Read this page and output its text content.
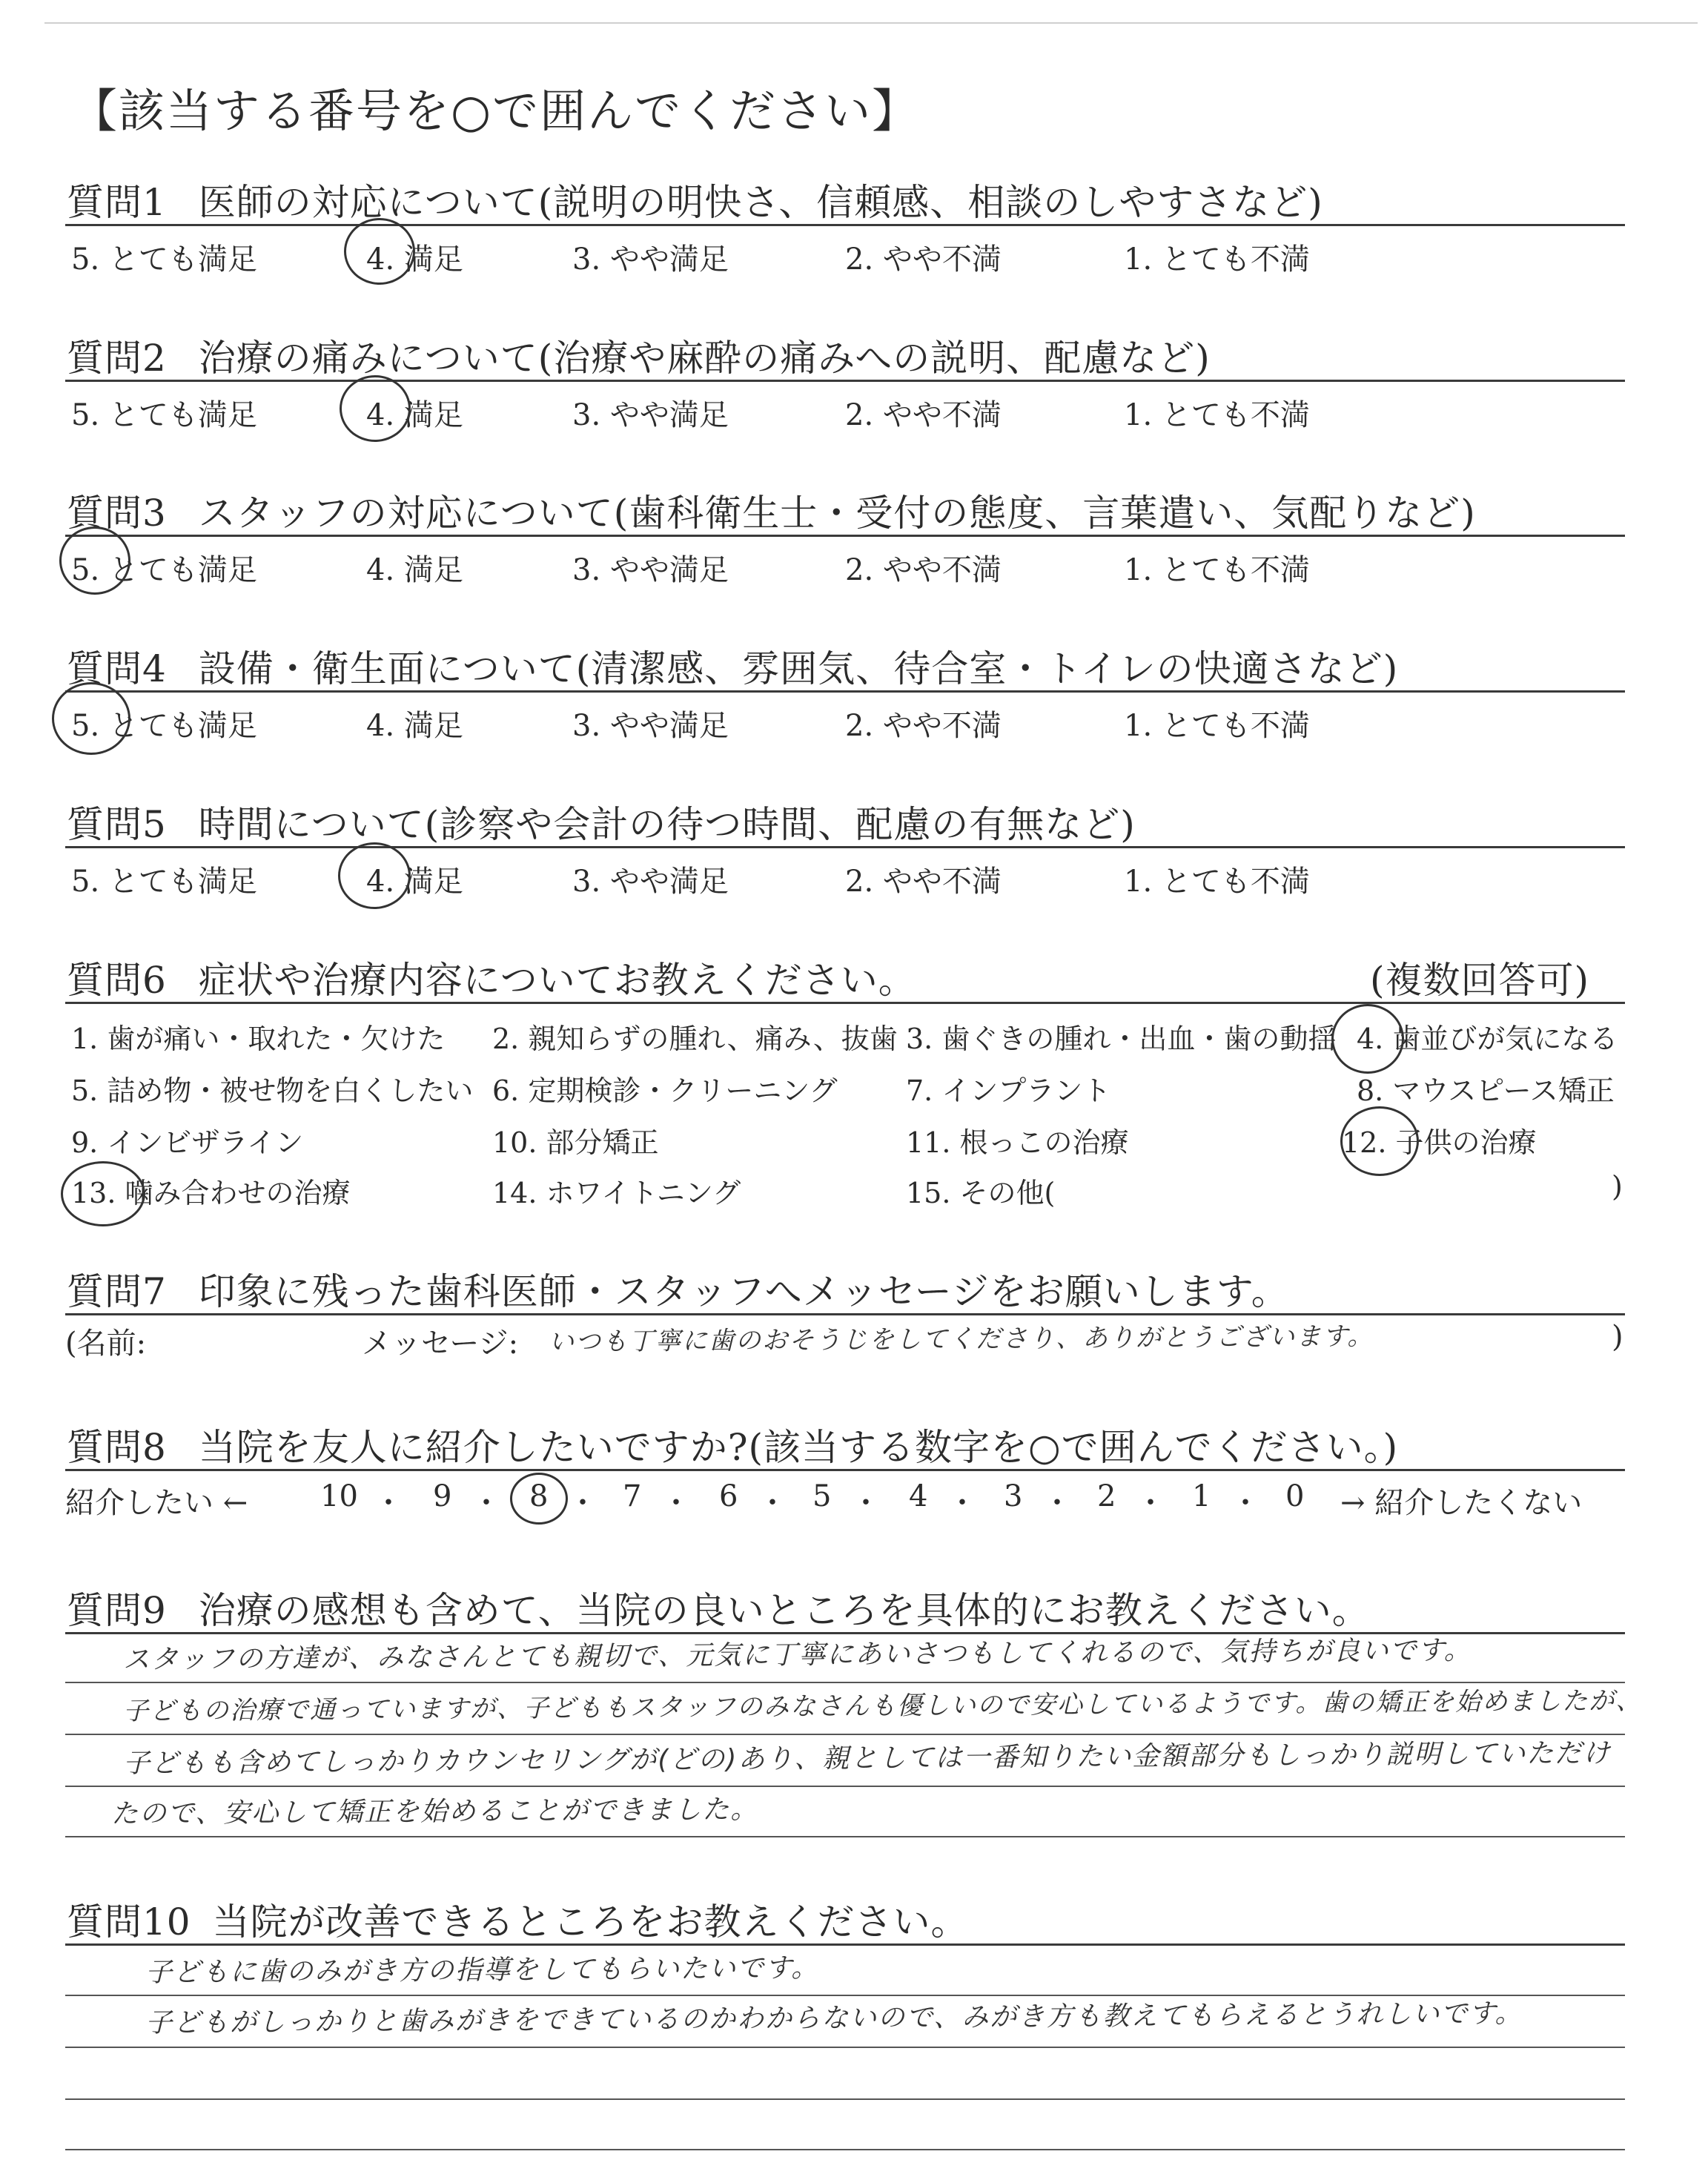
【該当する番号を○で囲んでください】
質問1 医師の対応について(説明の明快さ、信頼感、相談のしやすさなど)
5. とても満足	4. 満足	3. やや満足	2. やや不満	1. とても不満
質問2 治療の痛みについて(治療や麻酔の痛みへの説明、配慮など)
5. とても満足	4. 満足	3. やや満足	2. やや不満	1. とても不満
質問3 スタッフの対応について(歯科衛生士・受付の態度、言葉遣い、気配りなど)
5. とても満足	4. 満足	3. やや満足	2. やや不満	1. とても不満
質問4 設備・衛生面について(清潔感、雰囲気、待合室・トイレの快適さなど)
5. とても満足	4. 満足	3. やや満足	2. やや不満	1. とても不満
質問5 時間について(診察や会計の待つ時間、配慮の有無など)
5. とても満足	4. 満足	3. やや満足	2. やや不満	1. とても不満
質問6 症状や治療内容についてお教えください。	(複数回答可)
1. 歯が痛い・取れた・欠けた 2. 親知らずの腫れ、痛み、抜歯 3. 歯ぐきの腫れ・出血・歯の動揺 4. 歯並びが気になる
5. 詰め物・被せ物を白くしたい 6. 定期検診・クリーニング 7. インプラント	8. マウスピース矯正
9. インビザライン	10. 部分矯正	11. 根っこの治療	12. 子供の治療
13. 噛み合わせの治療	14. ホワイトニング	15. その他(	)
質問7 印象に残った歯科医師・スタッフへメッセージをお願いします。
(名前:	メッセージ: いつも丁寧に歯のおそうじをしてくださり、ありがとうございます。	)
質問8 当院を友人に紹介したいですか?(該当する数字を○で囲んでください。)
紹介したい ← 10 ・ 9 ・ 8 ・ 7 ・ 6 ・ 5 ・ 4 ・ 3 ・ 2 ・ 1 ・ 0 → 紹介したくない
質問9 治療の感想も含めて、当院の良いところを具体的にお教えください。
スタッフの方達が、みなさんとても親切で、元気に丁寧にあいさつもしてくれるので、気持ちが良いです。
子どもの治療で通っていますが、子どももスタッフのみなさんも優しいので安心しているようです。歯の矯正を始めましたが、
子どもも含めてしっかりカウンセリングが(どの)あり、親としては一番知りたい金額部分もしっかり説明していただけ
たので、安心して矯正を始めることができました。
質問10 当院が改善できるところをお教えください。
子どもに歯のみがき方の指導をしてもらいたいです。
子どもがしっかりと歯みがきをできているのかわからないので、みがき方も教えてもらえるとうれしいです。
